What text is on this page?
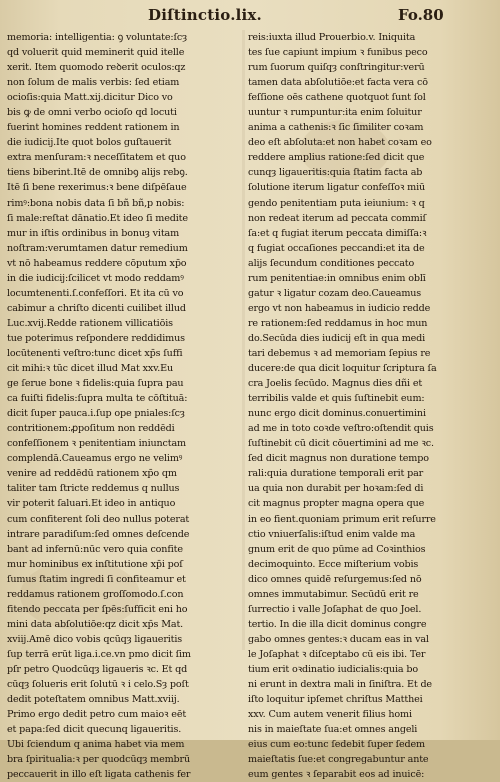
Diſtinctio.lix.	Fo.80
memoria: intelligentia: ꝯ voluntate:ſcȝ
qd voluerit quid meminerit quid itelle
xerit. Item quomodo reꝺerit oculos:qz
non ſolum de malis verbis: ſed etiam
ocioſis:quia Matt.xij.dicitur Dico vo
bis ꝙ de omni verbo ocioſo qd locuti
fuerint homines reddent rationem in
die iudicij.Ite quot bolos guſtauerit
extra menſuram:ꝛ neceſſitatem et quo
tiens biberint.Itē de omnibꝯ alijs rebꝯ.
Itē ſi bene rexerimus:ꝛ bene diſpēſaue
rimꝰ:bona nobis data ſi bñ bñ,p nobis:
ſi male:reſtat dānatio.Et ideo ſi medite
mur in iſtis ordinibus in bonuȝ vitam
noſtram:verumtamen datur remedium
vt nō habeamus reddere cōputum xp̄o
in die iudicij:ſcilicet vt modo reddamꝰ
locumtenenti.ſ.confeſſori. Et ita cū vo
cabimur a chriſto dicenti cuilibet illud
Luc.xvij.Redde rationem villicatiōis
tue poterimus reſpondere reddidimus
locūtenenti veſtro:tunc dicet xp̄s ſuffi
cit mihi:ꝛ tūc dicet illud Mat xxv.Eu
ge ſerue bone ꝛ fidelis:quia ſupra pau
ca fuiſti fidelis:ſupra multa te cōſtituā:
dicit ſuper pauca.i.ſup ope pniales:ſcȝ
contritionem:ꝓpoſitum non reddēdi
confeſſionem ꝛ penitentiam iniunctam
complendā.Caueamus ergo ne velimꝰ
venire ad reddēdū rationem xp̄o qm
taliter tam ſtricte reddemus q nullus
vir poterit ſaluari.Et ideo in antiquo
cum confiterent ſoli deo nullus poterat
intrare paradiſum:ſed omnes deſcende
bant ad infernū:nūc vero quia confite
mur hominibus ex inſtitutione xp̄i poſ
ſumus ſtatim ingredi ſi confiteamur et
reddamus rationem groſſomodo.ſ.con
fitendo peccata per ſpēs:ſufficit eni ho
mini data abſolutiōe:qz dicit xp̄s Mat.
xviij.Amē dico vobis qcūqȝ ligaueritis
ſup terrā erūt liga.i.ce.vn pmo dicit ſim
pſr petro Quodcūqȝ ligaueris ꝛc. Et qd
cūqȝ ſolueris erit ſolutū ꝛ i celo.Sȝ poſt
dedit poteſtatem omnibus Matt.xviij.
Primo ergo dedit petro cum maioꝛ eēt
et papa:ſed dicit quecunq ligaueritis.
Ubi ſciendum q anima habet via mem
bra ſpiritualia:ꝛ per quodcūqȝ membrū
peccauerit in illo eſt ligata cathenis fer
reis:iuxta illud Prouerbio.v. Iniquita
tes ſue capiunt impium ꝛ funibus peco
rum ſuorum quiſqȝ conſtringitur:verū
tamen data abſolutiōe:et facta vera cō
feſſione oēs cathene quotquot ſunt ſol
uuntur ꝛ rumpuntur:ita enim ſoluitur
anima a cathenis:ꝛ ſic ſimiliter coꝛam
deo eſt abſoluta:et non habet coꝛam eo
reddere amplius ratione:ſed dicit que
cunqȝ ligaueritis:quia ſtatim facta ab
ſolutione iterum ligatur confeſſoꝛ miū
gendo penitentiam puta ieiunium: ꝛ q
non redeat iterum ad peccata commiſ
ſa:et q fugiat iterum peccata dimiſſa:ꝛ
q fugiat occaſiones peccandi:et ita de
alijs ſecundum conditiones peccato
rum penitentiae:in omnibus enim oblī
gatur ꝛ ligatur cozam deo.Caueamus
ergo vt non habeamus in iudicio redde
re rationem:ſed reddamus in hoc mun
do.Secūda dies iudicij eſt in qua medi
tari debemus ꝛ ad memoriam ſepius re
ducere:de qua dicit loquitur ſcriptura ſa
cra Joelis ſecūdo. Magnus dies dñi et
terribilis valde et quis ſuſtinebit eum:
nunc ergo dicit dominus.conuertimini
ad me in toto coꝛde veſtro:oſtendit quis
ſuſtinebit cū dicit cōuertimini ad me ꝛc.
ſed dicit magnus non duratione tempo
rali:quia duratione temporali erit par
ua quia non durabit per hoꝛam:ſed di
cit magnus propter magna opera que
in eo fient.quoniam primum erit reſurre
ctio vniuerſalis:iſtud enim valde ma
gnum erit de quo pūme ad Coꝛinthios
decimoquinto. Ecce miſterium vobis
dico omnes quidē reſurgemus:ſed nō
omnes immutabimur. Secūdū erit re
ſurrectio i valle Joſaphat de quo Joel.
tertio. In die illa dicit dominus congre
gabo omnes gentes:ꝛ ducam eas in val
le Joſaphat ꝛ diſceptabo cū eis ibi. Ter
tium erit oꝛdinatio iudicialis:quia bo
ni erunt in dextra mali in ſiniſtra. Et de
iſto loquitur ipſemet chriſtus Matthei
xxv. Cum autem venerit filius homi
nis in maieſtate ſua:et omnes angeli
eius cum eo:tunc ſedebit ſuper ſedem
maieſtatis ſue:et congregabuntur ante
eum gentes ꝛ ſeparabit eos ad inuicē:
